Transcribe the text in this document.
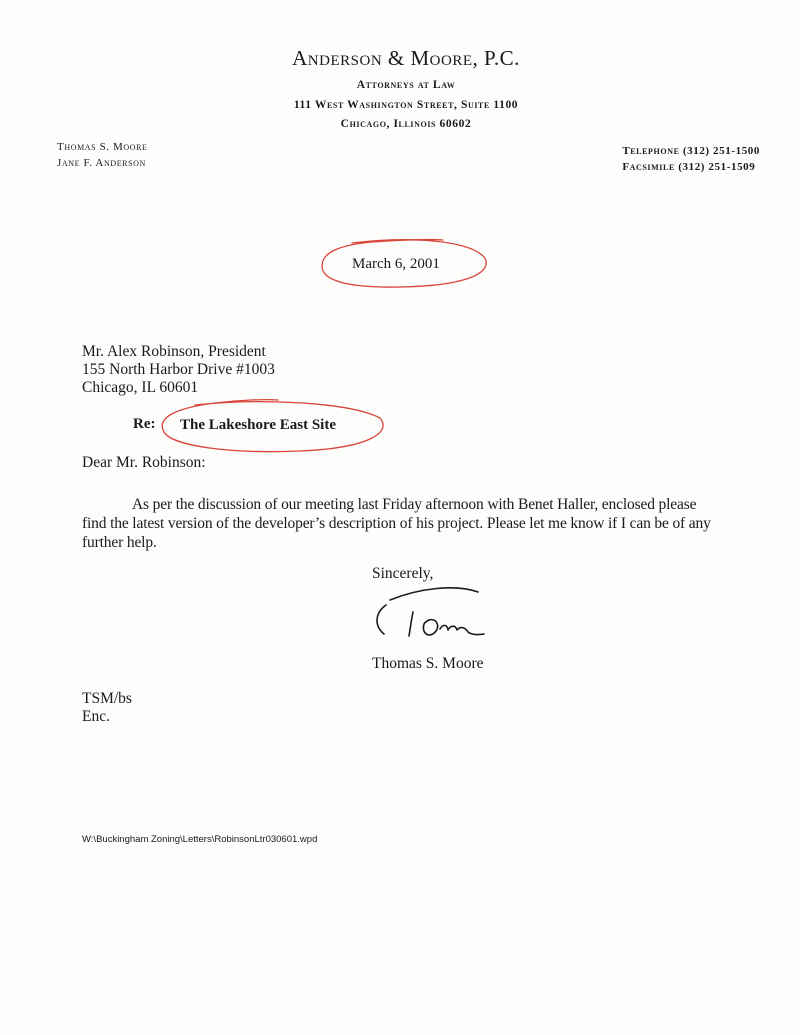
Anderson & Moore, P.C.
Attorneys at Law
111 West Washington Street, Suite 1100
Chicago, Illinois 60602
Thomas S. Moore
Jane F. Anderson
Telephone (312) 251-1500
Facsimile (312) 251-1509
March 6, 2001
Mr. Alex Robinson, President
155 North Harbor Drive #1003
Chicago, IL 60601
Re: The Lakeshore East Site
Dear Mr. Robinson:
As per the discussion of our meeting last Friday afternoon with Benet Haller, enclosed please find the latest version of the developer’s description of his project. Please let me know if I can be of any further help.
Sincerely,
Thomas S. Moore
TSM/bs
Enc.
W:\Buckingham Zoning\Letters\RobinsonLtr030601.wpd
